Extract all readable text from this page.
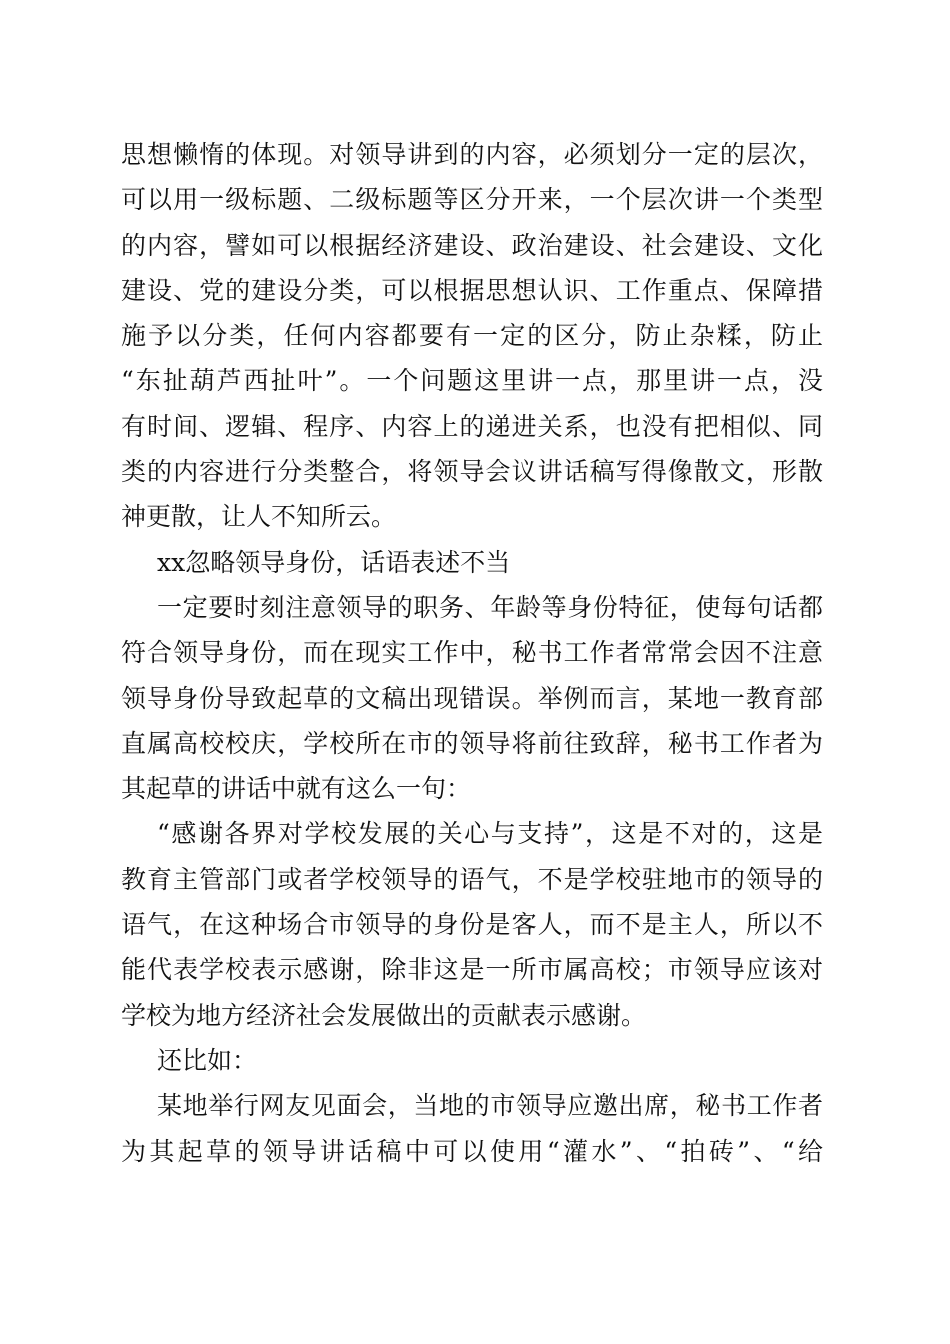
思想懒惰的体现。对领导讲到的内容，必须划分一定的层次，
可以用一级标题、二级标题等区分开来，一个层次讲一个类型
的内容，譬如可以根据经济建设、政治建设、社会建设、文化
建设、党的建设分类，可以根据思想认识、工作重点、保障措
施予以分类，任何内容都要有一定的区分，防止杂糅，防止
“东扯葫芦西扯叶”。一个问题这里讲一点，那里讲一点，没
有时间、逻辑、程序、内容上的递进关系，也没有把相似、同
类的内容进行分类整合，将领导会议讲话稿写得像散文，形散
神更散，让人不知所云。
xx忽略领导身份，话语表述不当
一定要时刻注意领导的职务、年龄等身份特征，使每句话都
符合领导身份，而在现实工作中，秘书工作者常常会因不注意
领导身份导致起草的文稿出现错误。举例而言，某地一教育部
直属高校校庆，学校所在市的领导将前往致辞，秘书工作者为
其起草的讲话中就有这么一句：
“感谢各界对学校发展的关心与支持”，这是不对的，这是
教育主管部门或者学校领导的语气，不是学校驻地市的领导的
语气，在这种场合市领导的身份是客人，而不是主人，所以不
能代表学校表示感谢，除非这是一所市属高校；市领导应该对
学校为地方经济社会发展做出的贡献表示感谢。
还比如：
某地举行网友见面会，当地的市领导应邀出席，秘书工作者
为其起草的领导讲话稿中可以使用“灌水”、“拍砖”、“给
